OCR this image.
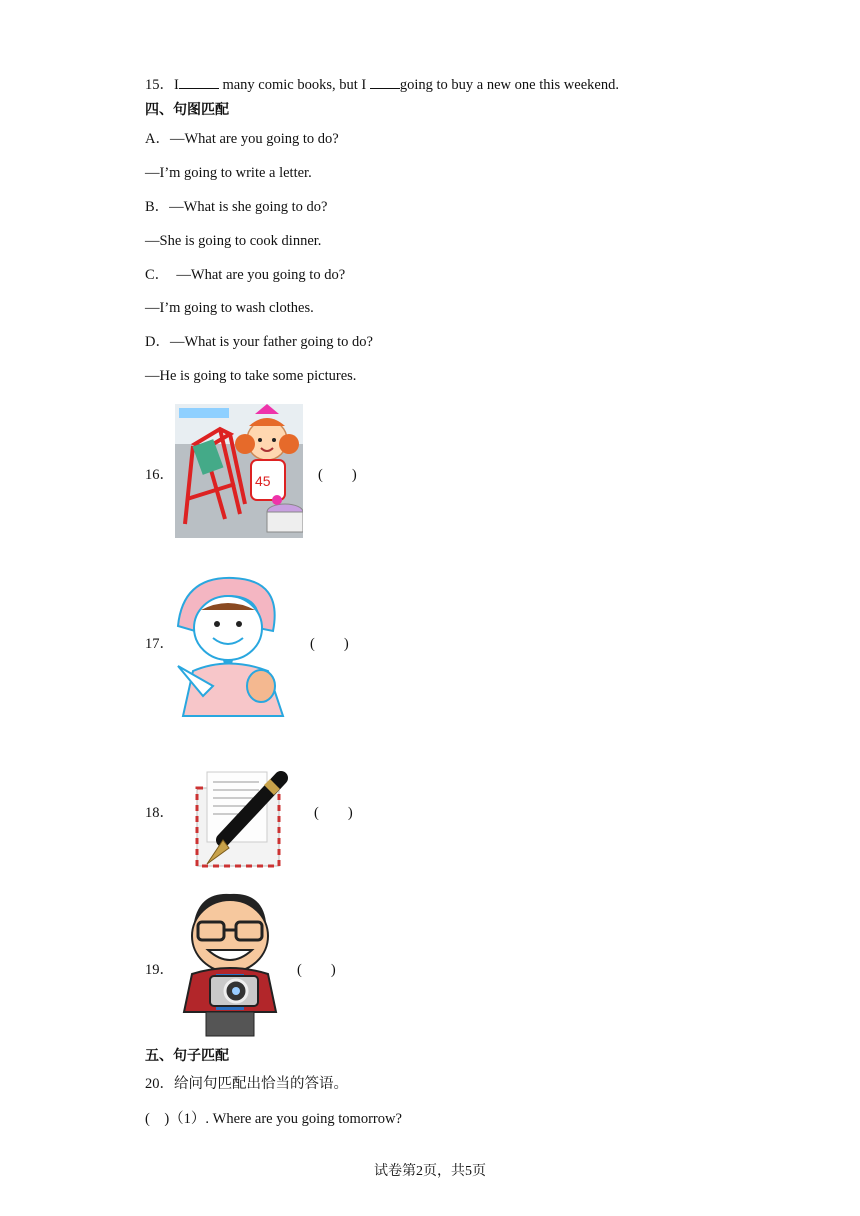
15．I	many comic books, but I going to buy a new one this weekend.
四、句图匹配
A．—What are you going to do?
—I’m going to write a letter.
B．—What is she going to do?
—She is going to cook dinner.
C．  —What are you going to do?
—I’m going to wash clothes.
D．—What is your father going to do?
—He is going to take some pictures.
16．	45	(　　)
17．	(　　)
18．	(　　)
19．	(　　)
五、句子匹配
20．给问句匹配出恰当的答语。
(　)（1）. Where are you going tomorrow?
试卷第2页，共5页
